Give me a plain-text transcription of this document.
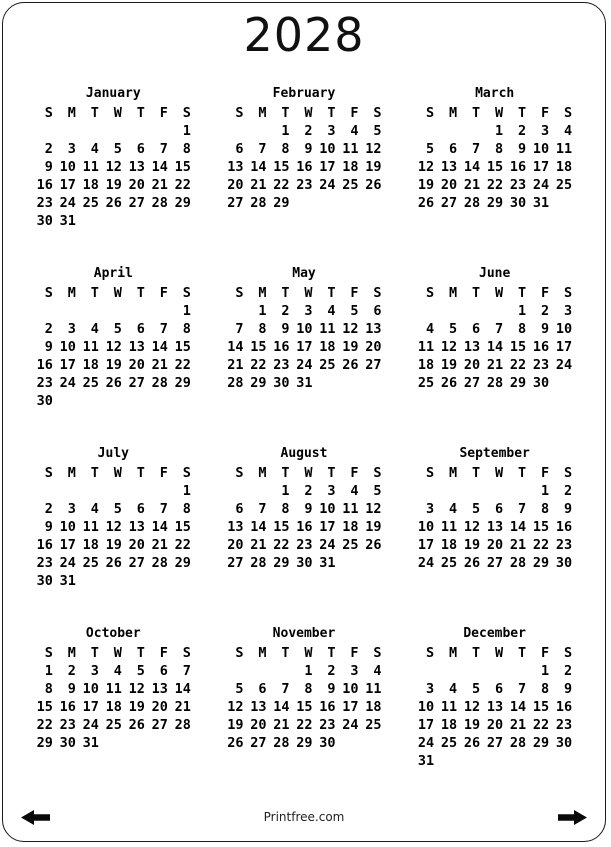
2028
January
S	M	T	W	T	F	S
						1
2	3	4	5	6	7	8
9	10	11	12	13	14	15
16	17	18	19	20	21	22
23	24	25	26	27	28	29
30	31					
February
S	M	T	W	T	F	S
		1	2	3	4	5
6	7	8	9	10	11	12
13	14	15	16	17	18	19
20	21	22	23	24	25	26
27	28	29				
March
S	M	T	W	T	F	S
			1	2	3	4
5	6	7	8	9	10	11
12	13	14	15	16	17	18
19	20	21	22	23	24	25
26	27	28	29	30	31	
April
S	M	T	W	T	F	S
						1
2	3	4	5	6	7	8
9	10	11	12	13	14	15
16	17	18	19	20	21	22
23	24	25	26	27	28	29
30						
May
S	M	T	W	T	F	S
	1	2	3	4	5	6
7	8	9	10	11	12	13
14	15	16	17	18	19	20
21	22	23	24	25	26	27
28	29	30	31			
June
S	M	T	W	T	F	S
				1	2	3
4	5	6	7	8	9	10
11	12	13	14	15	16	17
18	19	20	21	22	23	24
25	26	27	28	29	30	
July
S	M	T	W	T	F	S
						1
2	3	4	5	6	7	8
9	10	11	12	13	14	15
16	17	18	19	20	21	22
23	24	25	26	27	28	29
30	31					
August
S	M	T	W	T	F	S
		1	2	3	4	5
6	7	8	9	10	11	12
13	14	15	16	17	18	19
20	21	22	23	24	25	26
27	28	29	30	31		
September
S	M	T	W	T	F	S
					1	2
3	4	5	6	7	8	9
10	11	12	13	14	15	16
17	18	19	20	21	22	23
24	25	26	27	28	29	30
October
S	M	T	W	T	F	S
1	2	3	4	5	6	7
8	9	10	11	12	13	14
15	16	17	18	19	20	21
22	23	24	25	26	27	28
29	30	31				
November
S	M	T	W	T	F	S
			1	2	3	4
5	6	7	8	9	10	11
12	13	14	15	16	17	18
19	20	21	22	23	24	25
26	27	28	29	30		
December
S	M	T	W	T	F	S
					1	2
3	4	5	6	7	8	9
10	11	12	13	14	15	16
17	18	19	20	21	22	23
24	25	26	27	28	29	30
31						
Printfree.com
